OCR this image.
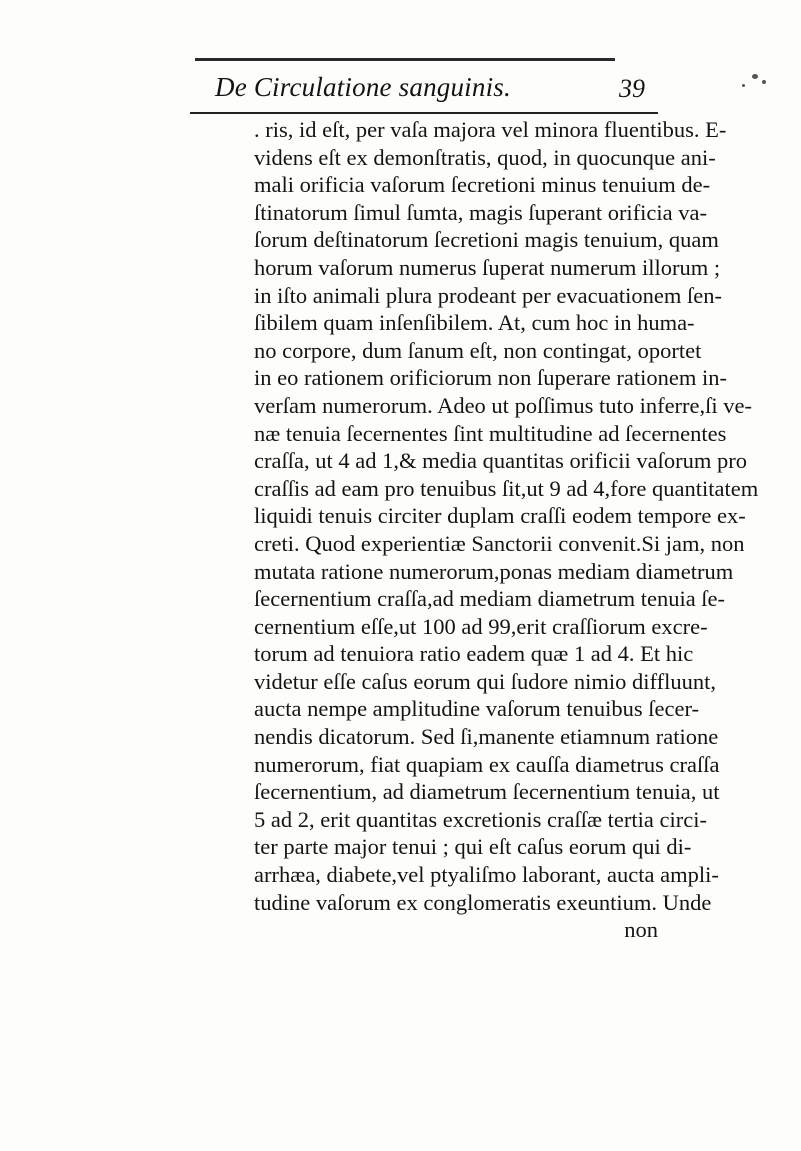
De Circulatione sanguinis.	39
. ris, id eſt, per vaſa majora vel minora fluentibus. E-
videns eſt ex demonſtratis, quod, in quocunque ani-
mali orificia vaſorum ſecretioni minus tenuium de-
ſtinatorum ſimul ſumta, magis ſuperant orificia va-
ſorum deſtinatorum ſecretioni magis tenuium, quam
horum vaſorum numerus ſuperat numerum illorum ;
in iſto animali plura prodeant per evacuationem ſen-
ſibilem quam inſenſibilem. At, cum hoc in huma-
no corpore, dum ſanum eſt, non contingat, oportet
in eo rationem orificiorum non ſuperare rationem in-
verſam numerorum. Adeo ut poſſimus tuto inferre,ſi ve-
næ tenuia ſecernentes ſint multitudine ad ſecernentes
craſſa, ut 4 ad 1,& media quantitas orificii vaſorum pro
craſſis ad eam pro tenuibus ſit,ut 9 ad 4,fore quantitatem
liquidi tenuis circiter duplam craſſi eodem tempore ex-
creti. Quod experientiæ Sanctorii convenit.Si jam, non
mutata ratione numerorum,ponas mediam diametrum
ſecernentium craſſa,ad mediam diametrum tenuia ſe-
cernentium eſſe,ut 100 ad 99,erit craſſiorum excre-
torum ad tenuiora ratio eadem quæ 1 ad 4. Et hic
videtur eſſe caſus eorum qui ſudore nimio diffluunt,
aucta nempe amplitudine vaſorum tenuibus ſecer-
nendis dicatorum. Sed ſi,manente etiamnum ratione
numerorum, fiat quapiam ex cauſſa diametrus craſſa
ſecernentium, ad diametrum ſecernentium tenuia, ut
5 ad 2, erit quantitas excretionis craſſæ tertia circi-
ter parte major tenui ; qui eſt caſus eorum qui di-
arrhæa, diabete,vel ptyaliſmo laborant, aucta ampli-
tudine vaſorum ex conglomeratis exeuntium. Unde
non
